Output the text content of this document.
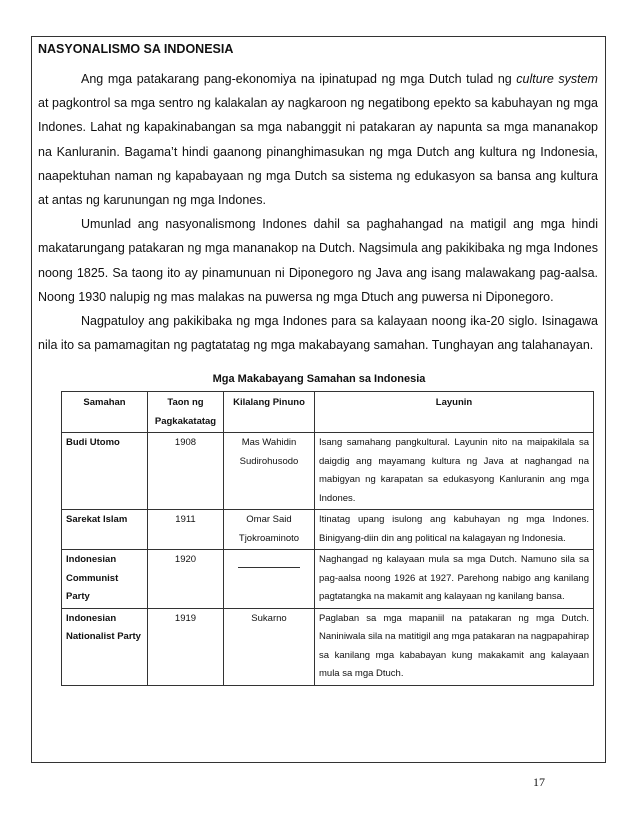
NASYONALISMO SA INDONESIA

Ang mga patakarang pang-ekonomiya na ipinatupad ng mga Dutch tulad ng culture system at pagkontrol sa mga sentro ng kalakalan ay nagkaroon ng negatibong epekto sa kabuhayan ng mga Indones. Lahat ng kapakinabangan sa mga nabanggit ni patakaran ay napunta sa mga mananakop na Kanluranin. Bagama’t hindi gaanong pinanghimasukan ng mga Dutch ang kultura ng Indonesia, naapektuhan naman ng kapabayaan ng mga Dutch sa sistema ng edukasyon sa bansa ang kultura at antas ng karunungan ng mga Indones.

Umunlad ang nasyonalismong Indones dahil sa paghahangad na matigil ang mga hindi makatarungang patakaran ng mga mananakop na Dutch. Nagsimula ang pakikibaka ng mga Indones noong 1825. Sa taong ito ay pinamunuan ni Diponegoro ng Java ang isang malawakang pag-aalsa. Noong 1930 nalupig ng mas malakas na puwersa ng mga Dtuch ang puwersa ni Diponegoro.

Nagpatuloy ang pakikibaka ng mga Indones para sa kalayaan noong ika-20 siglo. Isinagawa nila ito sa pamamagitan ng pagtatatag ng mga makabayang samahan. Tunghayan ang talahanayan.

Mga Makabayang Samahan sa Indonesia
Samahan	Taon ng Pagkakatatag	Kilalang Pinuno	Layunin
Budi Utomo	1908	Mas Wahidin Sudirohusodo	Isang samahang pangkultural. Layunin nito na maipakilala sa daigdig ang mayamang kultura ng Java at naghangad na mabigyan ng karapatan sa edukasyong Kanluranin ang mga Indones.
Sarekat Islam	1911	Omar Said Tjokroaminoto	Itinatag upang isulong ang kabuhayan ng mga Indones. Binigyang-diin din ang political na kalagayan ng Indonesia.
Indonesian Communist Party	1920		Naghangad ng kalayaan mula sa mga Dutch. Namuno sila sa pag-aalsa noong 1926 at 1927. Parehong nabigo ang kanilang pagtatangka na makamit ang kalayaan ng kanilang bansa.
Indonesian Nationalist Party	1919	Sukarno	Paglaban sa mga mapaniil na patakaran ng mga Dutch. Naniniwala sila na matitigil ang mga patakaran na nagpapahirap sa kanilang mga kababayan kung makakamit ang kalayaan mula sa mga Dtuch.
17
